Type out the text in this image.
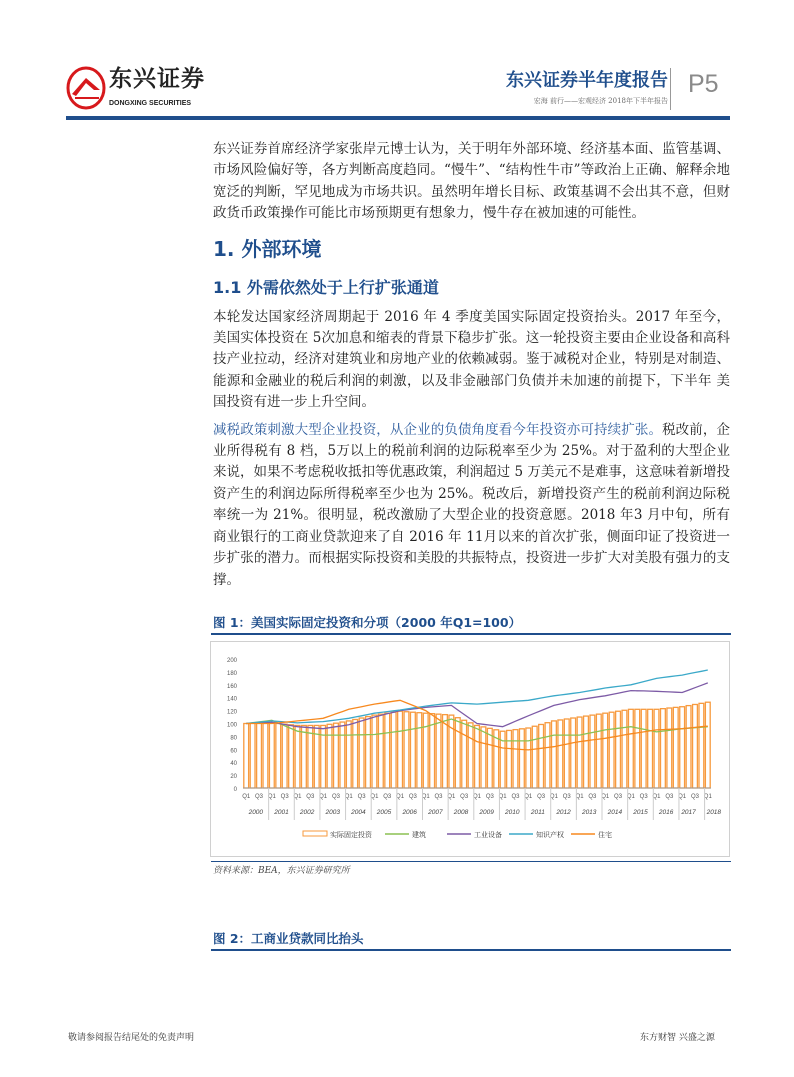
东兴证券
DONGXING SECURITIES
东兴证券半年度报告
宏海 前行——宏观经济 2018年下半年报告
P5
东兴证券首席经济学家张岸元博士认为，关于明年外部环境、经济基本面、监管基调、市场风险偏好等，各方判断高度趋同。“慢牛”、“结构性牛市”等政治上正确、解释余地宽泛的判断，罕见地成为市场共识。虽然明年增长目标、政策基调不会出其不意，但财政货币政策操作可能比市场预期更有想象力，慢牛存在被加速的可能性。
1. 外部环境
1.1 外需依然处于上行扩张通道
本轮发达国家经济周期起于 2016 年 4 季度美国实际固定投资抬头。2017 年至今，美国实体投资在 5次加息和缩表的背景下稳步扩张。这一轮投资主要由企业设备和高科技产业拉动，经济对建筑业和房地产业的依赖减弱。鉴于减税对企业，特别是对制造、能源和金融业的税后利润的刺激，以及非金融部门负债并未加速的前提下，下半年 美国投资有进一步上升空间。
减税政策刺激大型企业投资，从企业的负债角度看今年投资亦可持续扩张。税改前，企业所得税有 8 档，5万以上的税前利润的边际税率至少为 25%。对于盈利的大型企业来说，如果不考虑税收抵扣等优惠政策，利润超过 5 万美元不是难事，这意味着新增投资产生的利润边际所得税率至少也为 25%。税改后，新增投资产生的税前利润边际税率统一为 21%。很明显，税改激励了大型企业的投资意愿。2018 年3 月中旬，所有商业银行的工商业贷款迎来了自 2016 年 11月以来的首次扩张，侧面印证了投资进一步扩张的潜力。而根据实际投资和美股的共振特点，投资进一步扩大对美股有强力的支撑。
图 1：美国实际固定投资和分项（2000 年Q1=100）
0
20
40
60
80
100
120
140
160
180
200
Q1 Q3 Q1 Q3 Q1 Q3 Q1 Q3 Q1 Q3 Q1 Q3 Q1 Q3 Q1 Q3 Q1 Q3 Q1 Q3 Q1 Q3 Q1 Q3 Q1 Q3 Q1 Q3 Q1 Q3 Q1 Q3 Q1 Q3 Q1 Q3 Q1
2000 2001 2002 2003 2004 2005 2006 2007 2008 2009 2010 2011 2012 2013 2014 2015 2016 2017 2018
实际固定投资	建筑	工业设备	知识产权	住宅
资料来源：BEA，东兴证券研究所
图 2：工商业贷款同比抬头
敬请参阅报告结尾处的免责声明	东方财智 兴盛之源
